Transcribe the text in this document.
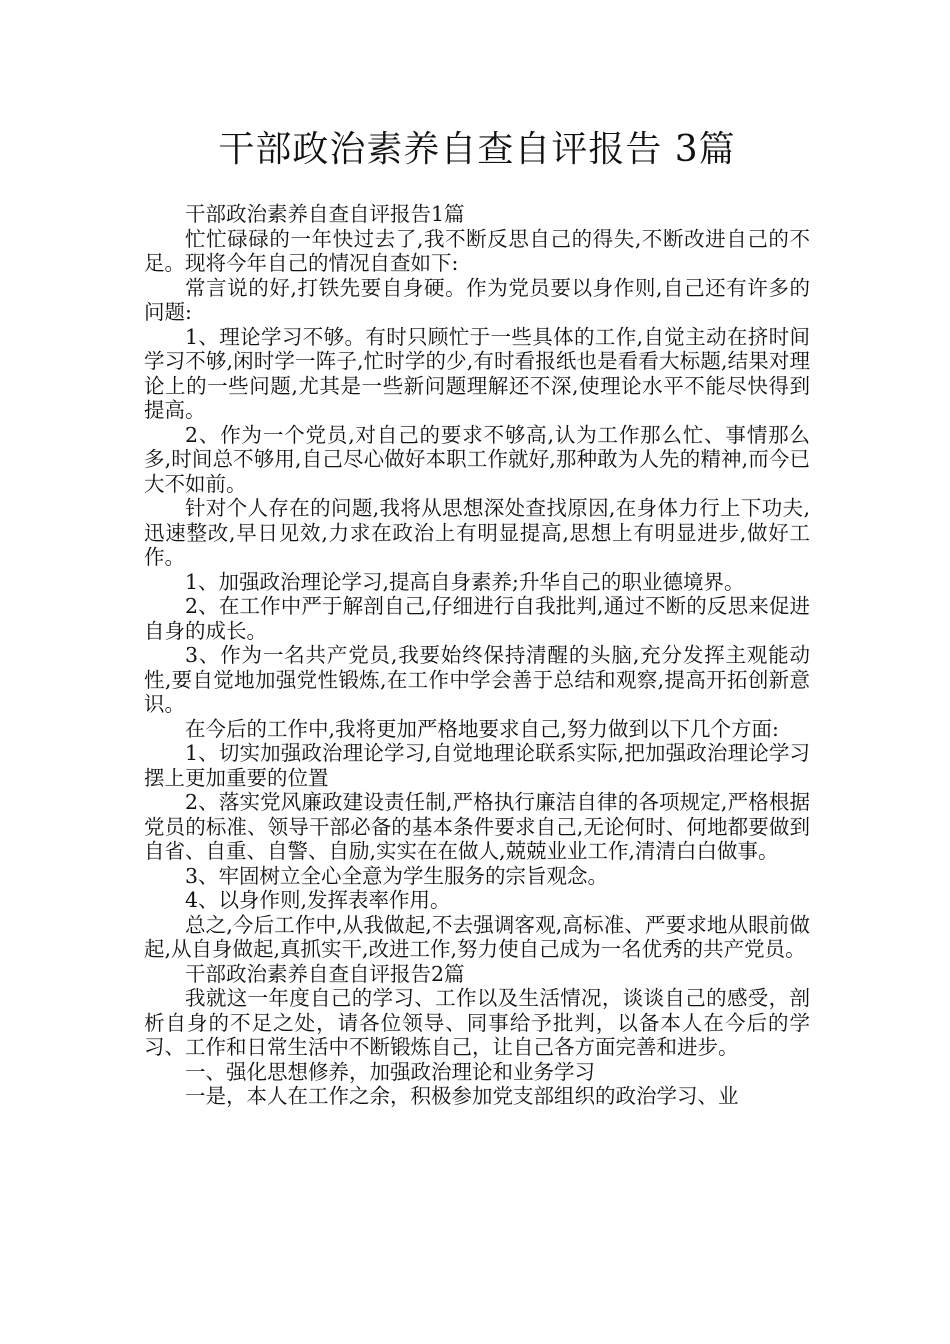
干部政治素养自查自评报告 3篇

干部政治素养自查自评报告1篇

忙忙碌碌的一年快过去了,我不断反思自己的得失,不断改进自己的不足。现将今年自己的情况自查如下:

常言说的好,打铁先要自身硬。作为党员要以身作则,自己还有许多的问题:

1、理论学习不够。有时只顾忙于一些具体的工作,自觉主动在挤时间学习不够,闲时学一阵子,忙时学的少,有时看报纸也是看看大标题,结果对理论上的一些问题,尤其是一些新问题理解还不深,使理论水平不能尽快得到提高。

2、作为一个党员,对自己的要求不够高,认为工作那么忙、事情那么多,时间总不够用,自己尽心做好本职工作就好,那种敢为人先的精神,而今已大不如前。

针对个人存在的问题,我将从思想深处查找原因,在身体力行上下功夫,迅速整改,早日见效,力求在政治上有明显提高,思想上有明显进步,做好工作。

1、加强政治理论学习,提高自身素养;升华自己的职业德境界。

2、在工作中严于解剖自己,仔细进行自我批判,通过不断的反思来促进自身的成长。

3、作为一名共产党员,我要始终保持清醒的头脑,充分发挥主观能动性,要自觉地加强党性锻炼,在工作中学会善于总结和观察,提高开拓创新意识。

在今后的工作中,我将更加严格地要求自己,努力做到以下几个方面:

1、切实加强政治理论学习,自觉地理论联系实际,把加强政治理论学习摆上更加重要的位置

2、落实党风廉政建设责任制,严格执行廉洁自律的各项规定,严格根据党员的标准、领导干部必备的基本条件要求自己,无论何时、何地都要做到自省、自重、自警、自励,实实在在做人,兢兢业业工作,清清白白做事。

3、牢固树立全心全意为学生服务的宗旨观念。

4、以身作则,发挥表率作用。

总之,今后工作中,从我做起,不去强调客观,高标准、严要求地从眼前做起,从自身做起,真抓实干,改进工作,努力使自己成为一名优秀的共产党员。

干部政治素养自查自评报告2篇

我就这一年度自己的学习、工作以及生活情况，谈谈自己的感受，剖析自身的不足之处，请各位领导、同事给予批判，以备本人在今后的学习、工作和日常生活中不断锻炼自己，让自己各方面完善和进步。

一、强化思想修养，加强政治理论和业务学习

一是，本人在工作之余，积极参加党支部组织的政治学习、业
